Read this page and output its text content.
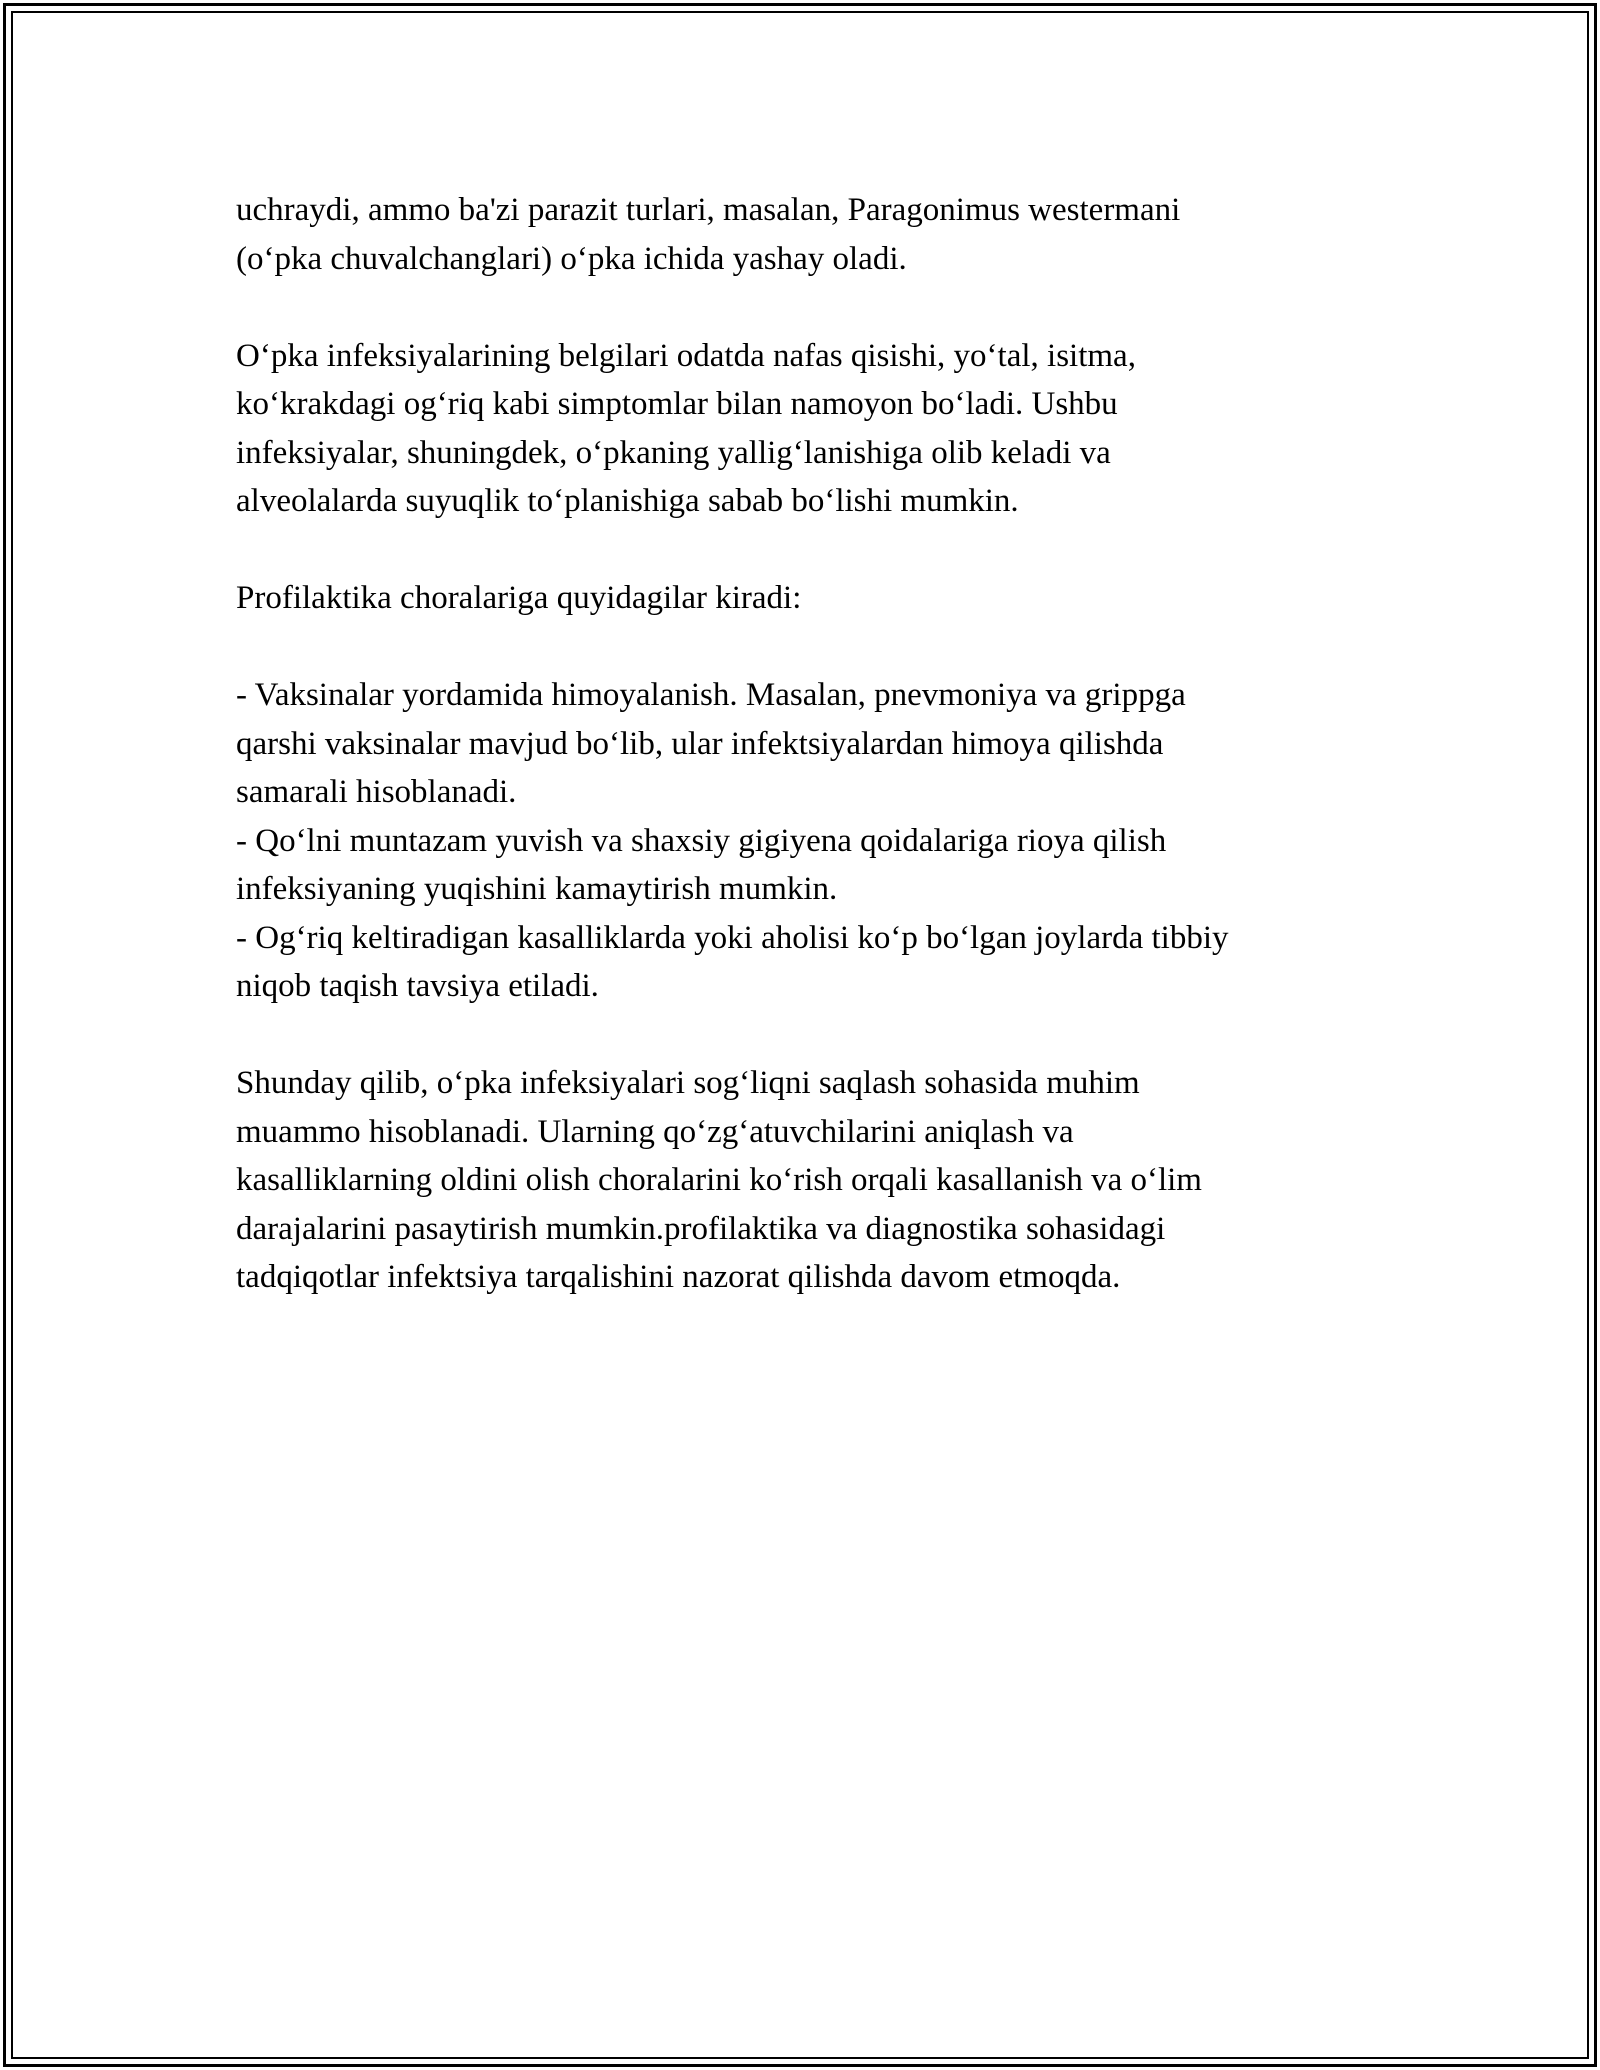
uchraydi, ammo ba'zi parazit turlari, masalan, Paragonimus westermani
(o‘pka chuvalchanglari) o‘pka ichida yashay oladi.
O‘pka infeksiyalarining belgilari odatda nafas qisishi, yo‘tal, isitma,
ko‘krakdagi og‘riq kabi simptomlar bilan namoyon bo‘ladi. Ushbu
infeksiyalar, shuningdek, o‘pkaning yallig‘lanishiga olib keladi va
alveolalarda suyuqlik to‘planishiga sabab bo‘lishi mumkin.
Profilaktika choralariga quyidagilar kiradi:
- Vaksinalar yordamida himoyalanish. Masalan, pnevmoniya va grippga
qarshi vaksinalar mavjud bo‘lib, ular infektsiyalardan himoya qilishda
samarali hisoblanadi.
- Qo‘lni muntazam yuvish va shaxsiy gigiyena qoidalariga rioya qilish
infeksiyaning yuqishini kamaytirish mumkin.
- Og‘riq keltiradigan kasalliklarda yoki aholisi ko‘p bo‘lgan joylarda tibbiy
niqob taqish tavsiya etiladi.
Shunday qilib, o‘pka infeksiyalari sog‘liqni saqlash sohasida muhim
muammo hisoblanadi. Ularning qo‘zg‘atuvchilarini aniqlash va
kasalliklarning oldini olish choralarini ko‘rish orqali kasallanish va o‘lim
darajalarini pasaytirish mumkin.profilaktika va diagnostika sohasidagi
tadqiqotlar infektsiya tarqalishini nazorat qilishda davom etmoqda.
